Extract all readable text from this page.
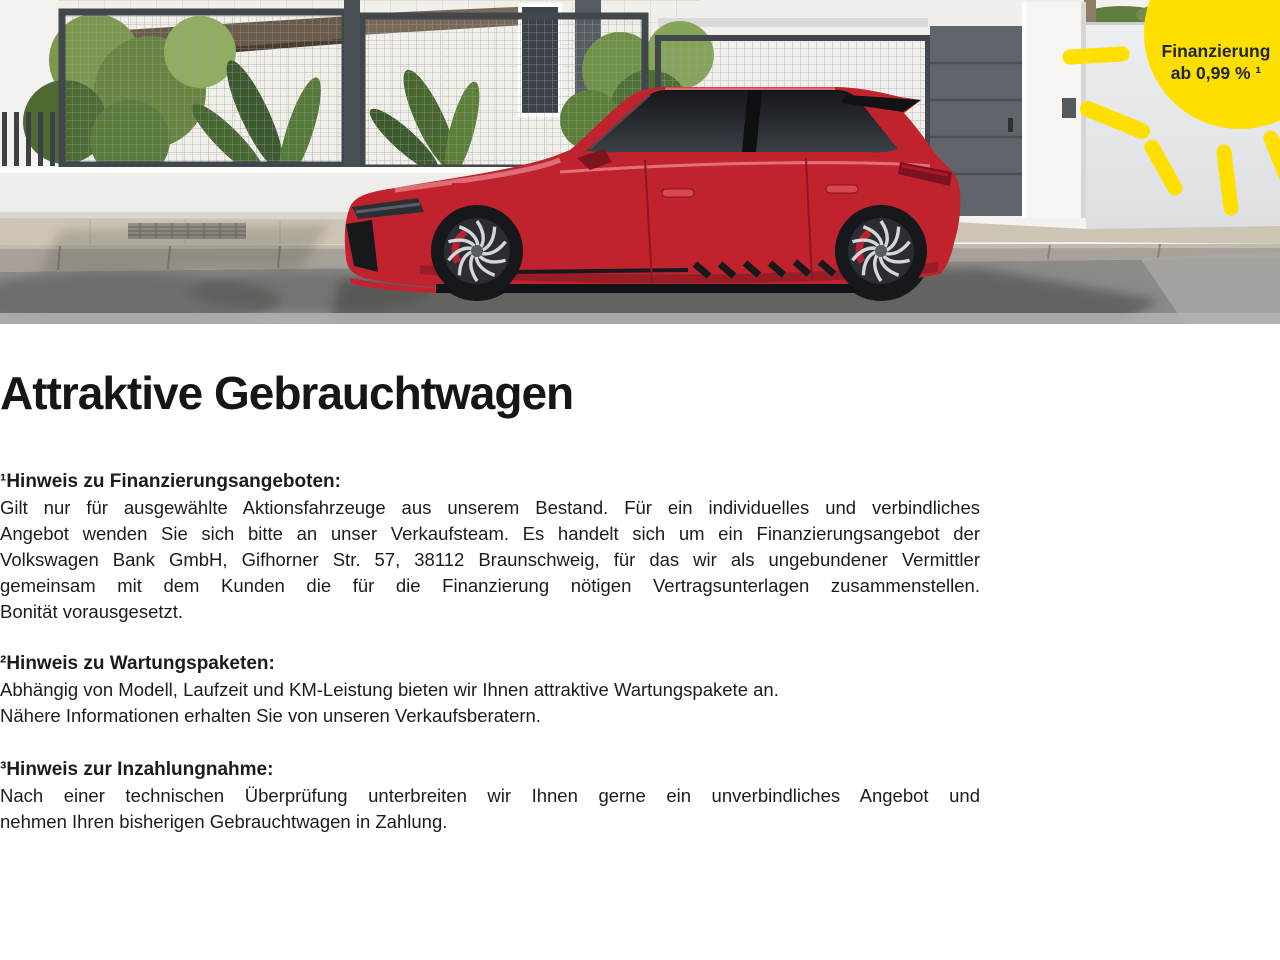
Finanzierung
ab 0,99 % ¹
Attraktive Gebrauchtwagen
¹Hinweis zu Finanzierungsangeboten:
Gilt nur für ausgewählte Aktionsfahrzeuge aus unserem Bestand. Für ein individuelles und verbindliches
Angebot wenden Sie sich bitte an unser Verkaufsteam. Es handelt sich um ein Finanzierungsangebot der
Volkswagen Bank GmbH, Gifhorner Str. 57, 38112 Braunschweig, für das wir als ungebundener Vermittler
gemeinsam mit dem Kunden die für die Finanzierung nötigen Vertragsunterlagen zusammenstellen.
Bonität vorausgesetzt.
²Hinweis zu Wartungspaketen:
Abhängig von Modell, Laufzeit und KM-Leistung bieten wir Ihnen attraktive Wartungspakete an.
Nähere Informationen erhalten Sie von unseren Verkaufsberatern.
³Hinweis zur Inzahlungnahme:
Nach einer technischen Überprüfung unterbreiten wir Ihnen gerne ein unverbindliches Angebot und
nehmen Ihren bisherigen Gebrauchtwagen in Zahlung.
